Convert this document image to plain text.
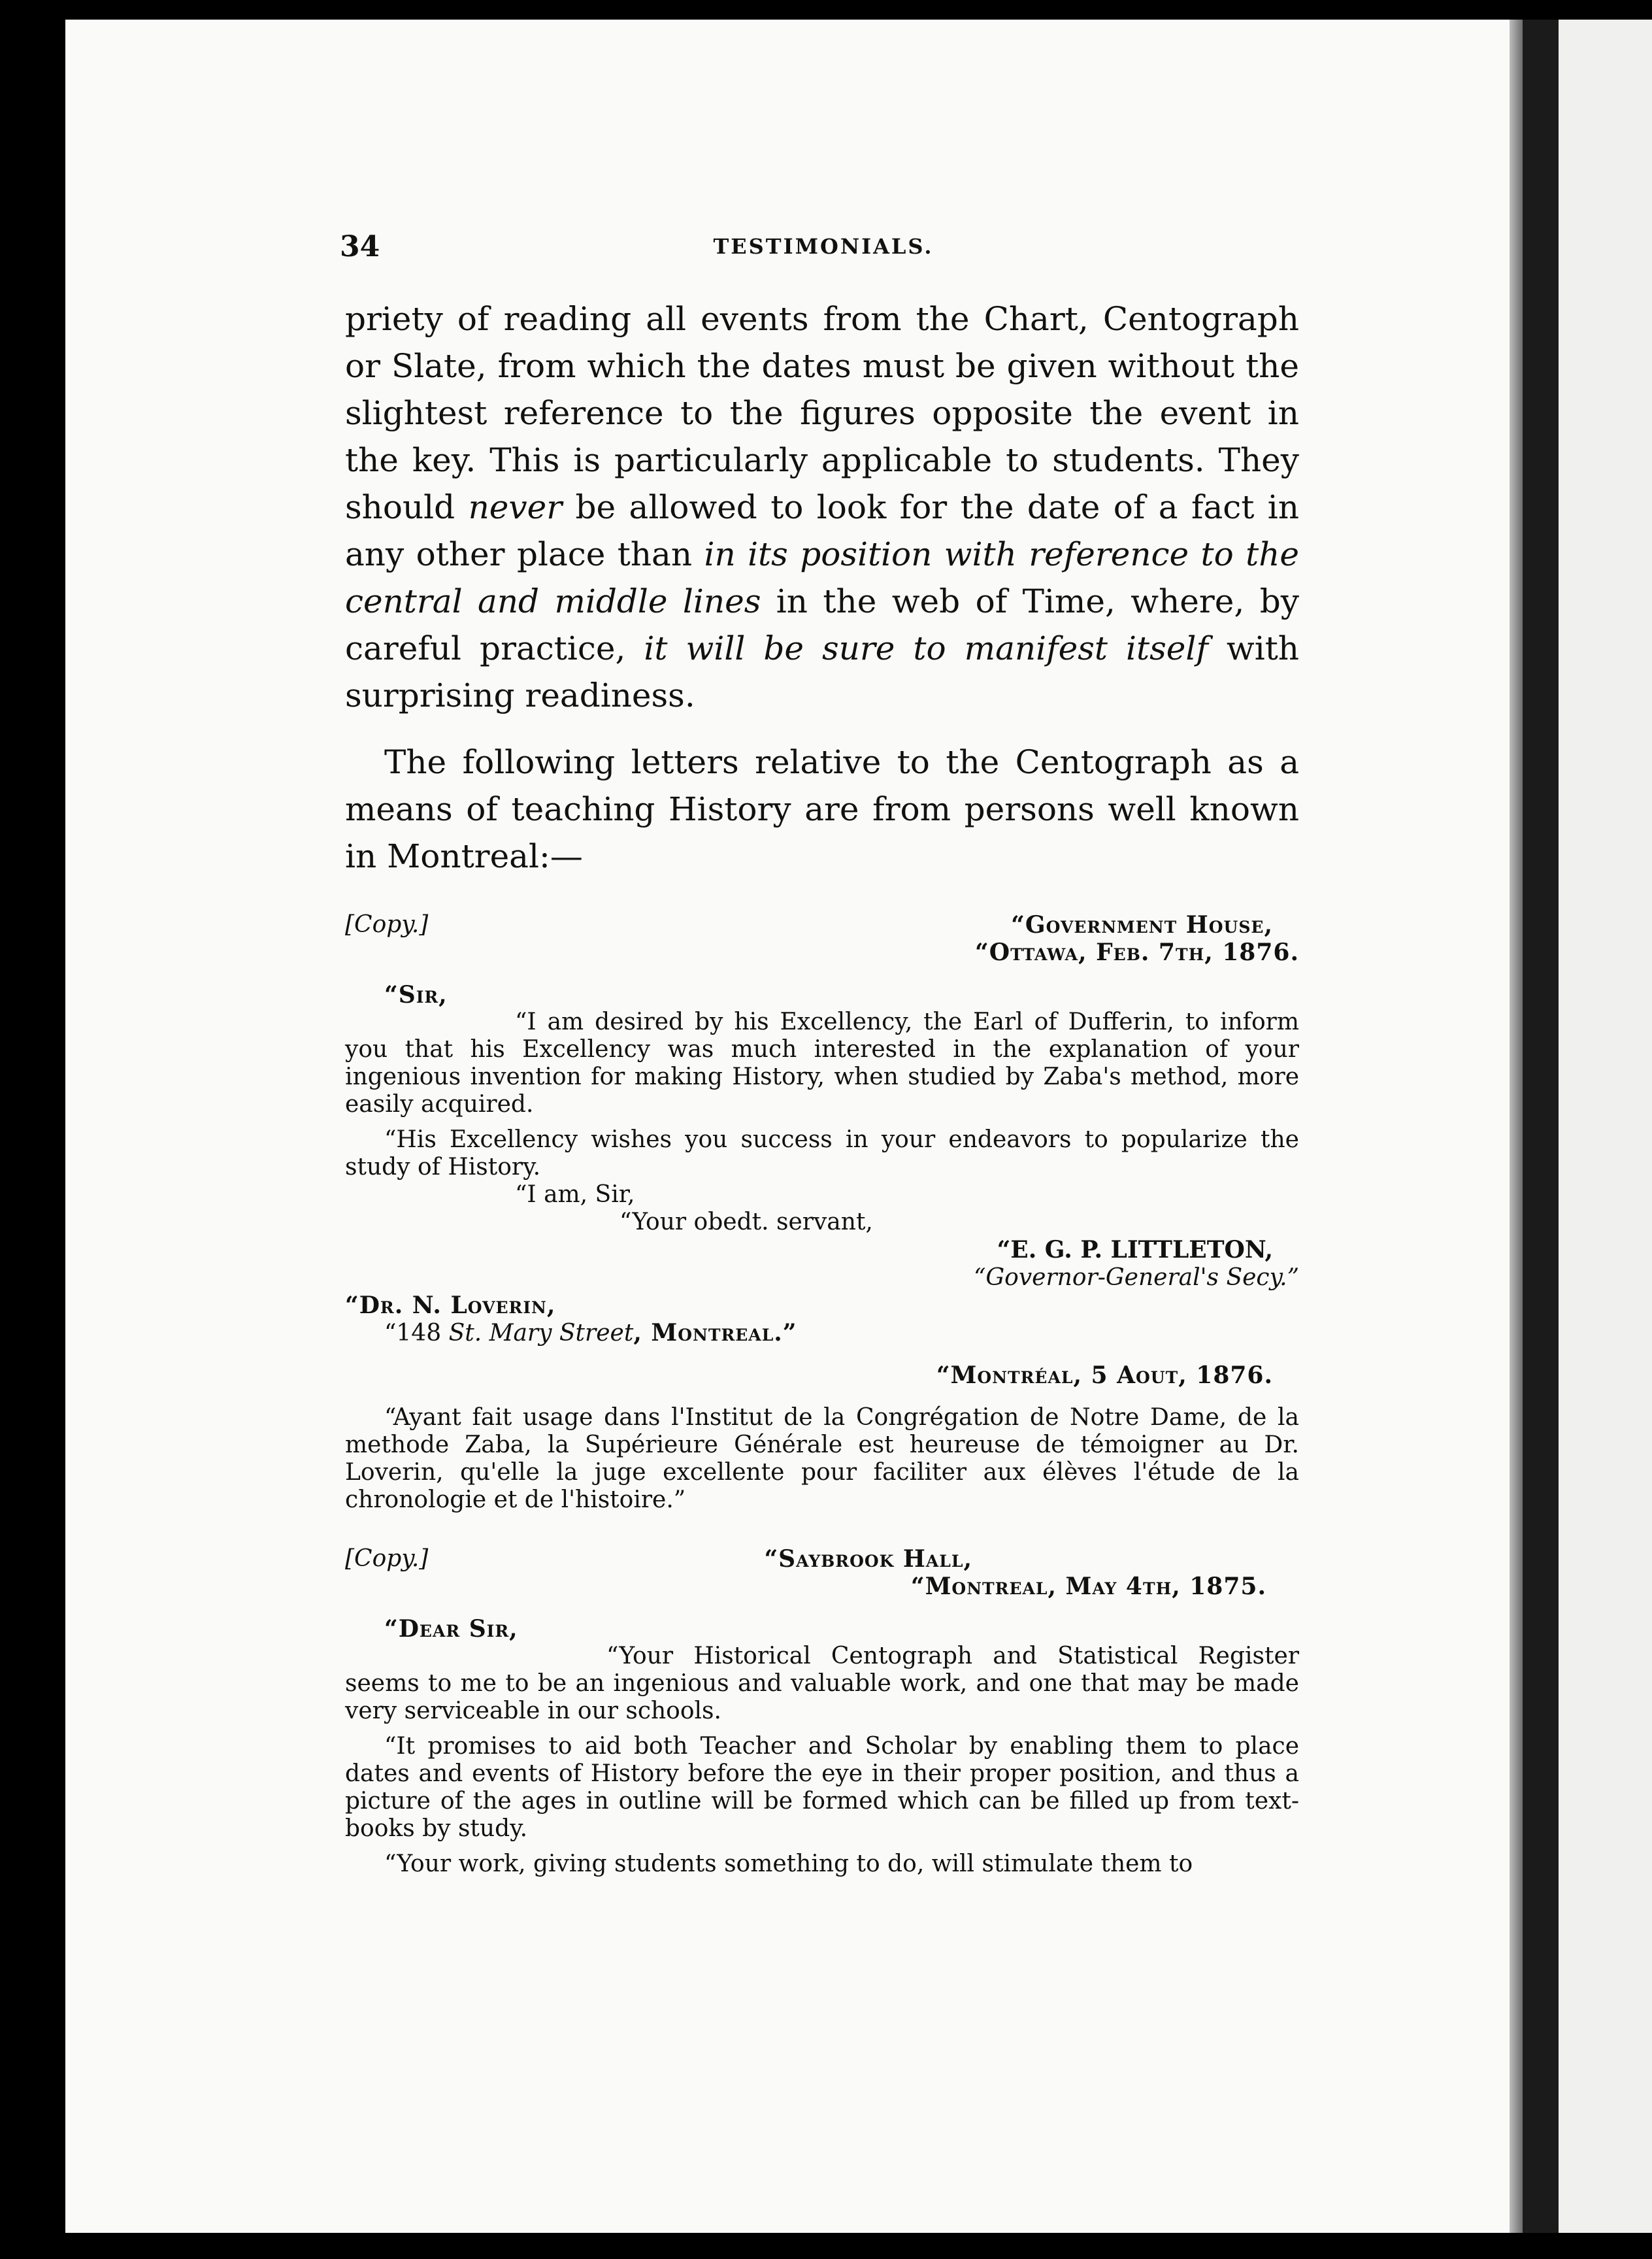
34	TESTIMONIALS.

priety of reading all events from the Chart, Centograph or Slate, from which the dates must be given without the slightest reference to the figures opposite the event in the key. This is particularly applicable to students. They should never be allowed to look for the date of a fact in any other place than in its position with reference to the central and middle lines in the web of Time, where, by careful practice, it will be sure to manifest itself with surprising readiness.

The following letters relative to the Centograph as a means of teaching History are from persons well known in Montreal:—

[Copy.]	“Government House,
“Ottawa, Feb. 7th, 1876.
“Sir,

“I am desired by his Excellency, the Earl of Dufferin, to inform you that his Excellency was much interested in the explanation of your ingenious invention for making History, when studied by Zaba's method, more easily acquired.

“His Excellency wishes you success in your endeavors to popularize the study of History.

“I am, Sir,
“Your obedt. servant,
“E. G. P. LITTLETON,
“Governor-General's Secy.”
“Dr. N. Loverin,
“148 St. Mary Street, Montreal.”
“Montréal, 5 Aout, 1876.

“Ayant fait usage dans l'Institut de la Congrégation de Notre Dame, de la methode Zaba, la Supérieure Générale est heureuse de témoigner au Dr. Loverin, qu'elle la juge excellente pour faciliter aux élèves l'étude de la chronologie et de l'histoire.”

[Copy.]	“Saybrook Hall,
“Montreal, May 4th, 1875.
“Dear Sir,

“Your Historical Centograph and Statistical Register seems to me to be an ingenious and valuable work, and one that may be made very serviceable in our schools.

“It promises to aid both Teacher and Scholar by enabling them to place dates and events of History before the eye in their proper position, and thus a picture of the ages in outline will be formed which can be filled up from text-books by study.

“Your work, giving students something to do, will stimulate them to
